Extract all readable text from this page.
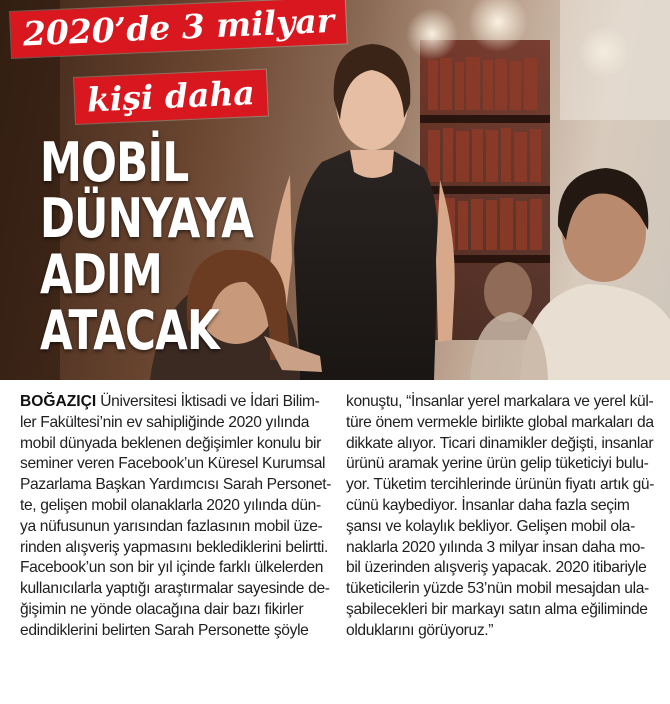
2020’de 3 milyar
kişi daha
MOBİL
DÜNYAYA
ADIM
ATACAK
BOĞAZIÇI Üniversitesi İktisadi ve İdari Bilim-
ler Fakültesi’nin ev sahipliğinde 2020 yılında
mobil dünyada beklenen değişimler konulu bir
seminer veren Facebook’un Küresel Kurumsal
Pazarlama Başkan Yardımcısı Sarah Personet-
te, gelişen mobil olanaklarla 2020 yılında dün-
ya nüfusunun yarısından fazlasının mobil üze-
rinden alışveriş yapmasını beklediklerini belirtti.
Facebook’un son bir yıl içinde farklı ülkelerden
kullanıcılarla yaptığı araştırmalar sayesinde de-
ğişimin ne yönde olacağına dair bazı fikirler
edindiklerini belirten Sarah Personette şöyle
konuştu, “İnsanlar yerel markalara ve yerel kül-
türe önem vermekle birlikte global markaları da
dikkate alıyor. Ticari dinamikler değişti, insanlar
ürünü aramak yerine ürün gelip tüketiciyi bulu-
yor. Tüketim tercihlerinde ürünün fiyatı artık gü-
cünü kaybediyor. İnsanlar daha fazla seçim
şansı ve kolaylık bekliyor. Gelişen mobil ola-
naklarla 2020 yılında 3 milyar insan daha mo-
bil üzerinden alışveriş yapacak. 2020 itibariyle
tüketicilerin yüzde 53’nün mobil mesajdan ula-
şabilecekleri bir markayı satın alma eğiliminde
olduklarını görüyoruz.”
